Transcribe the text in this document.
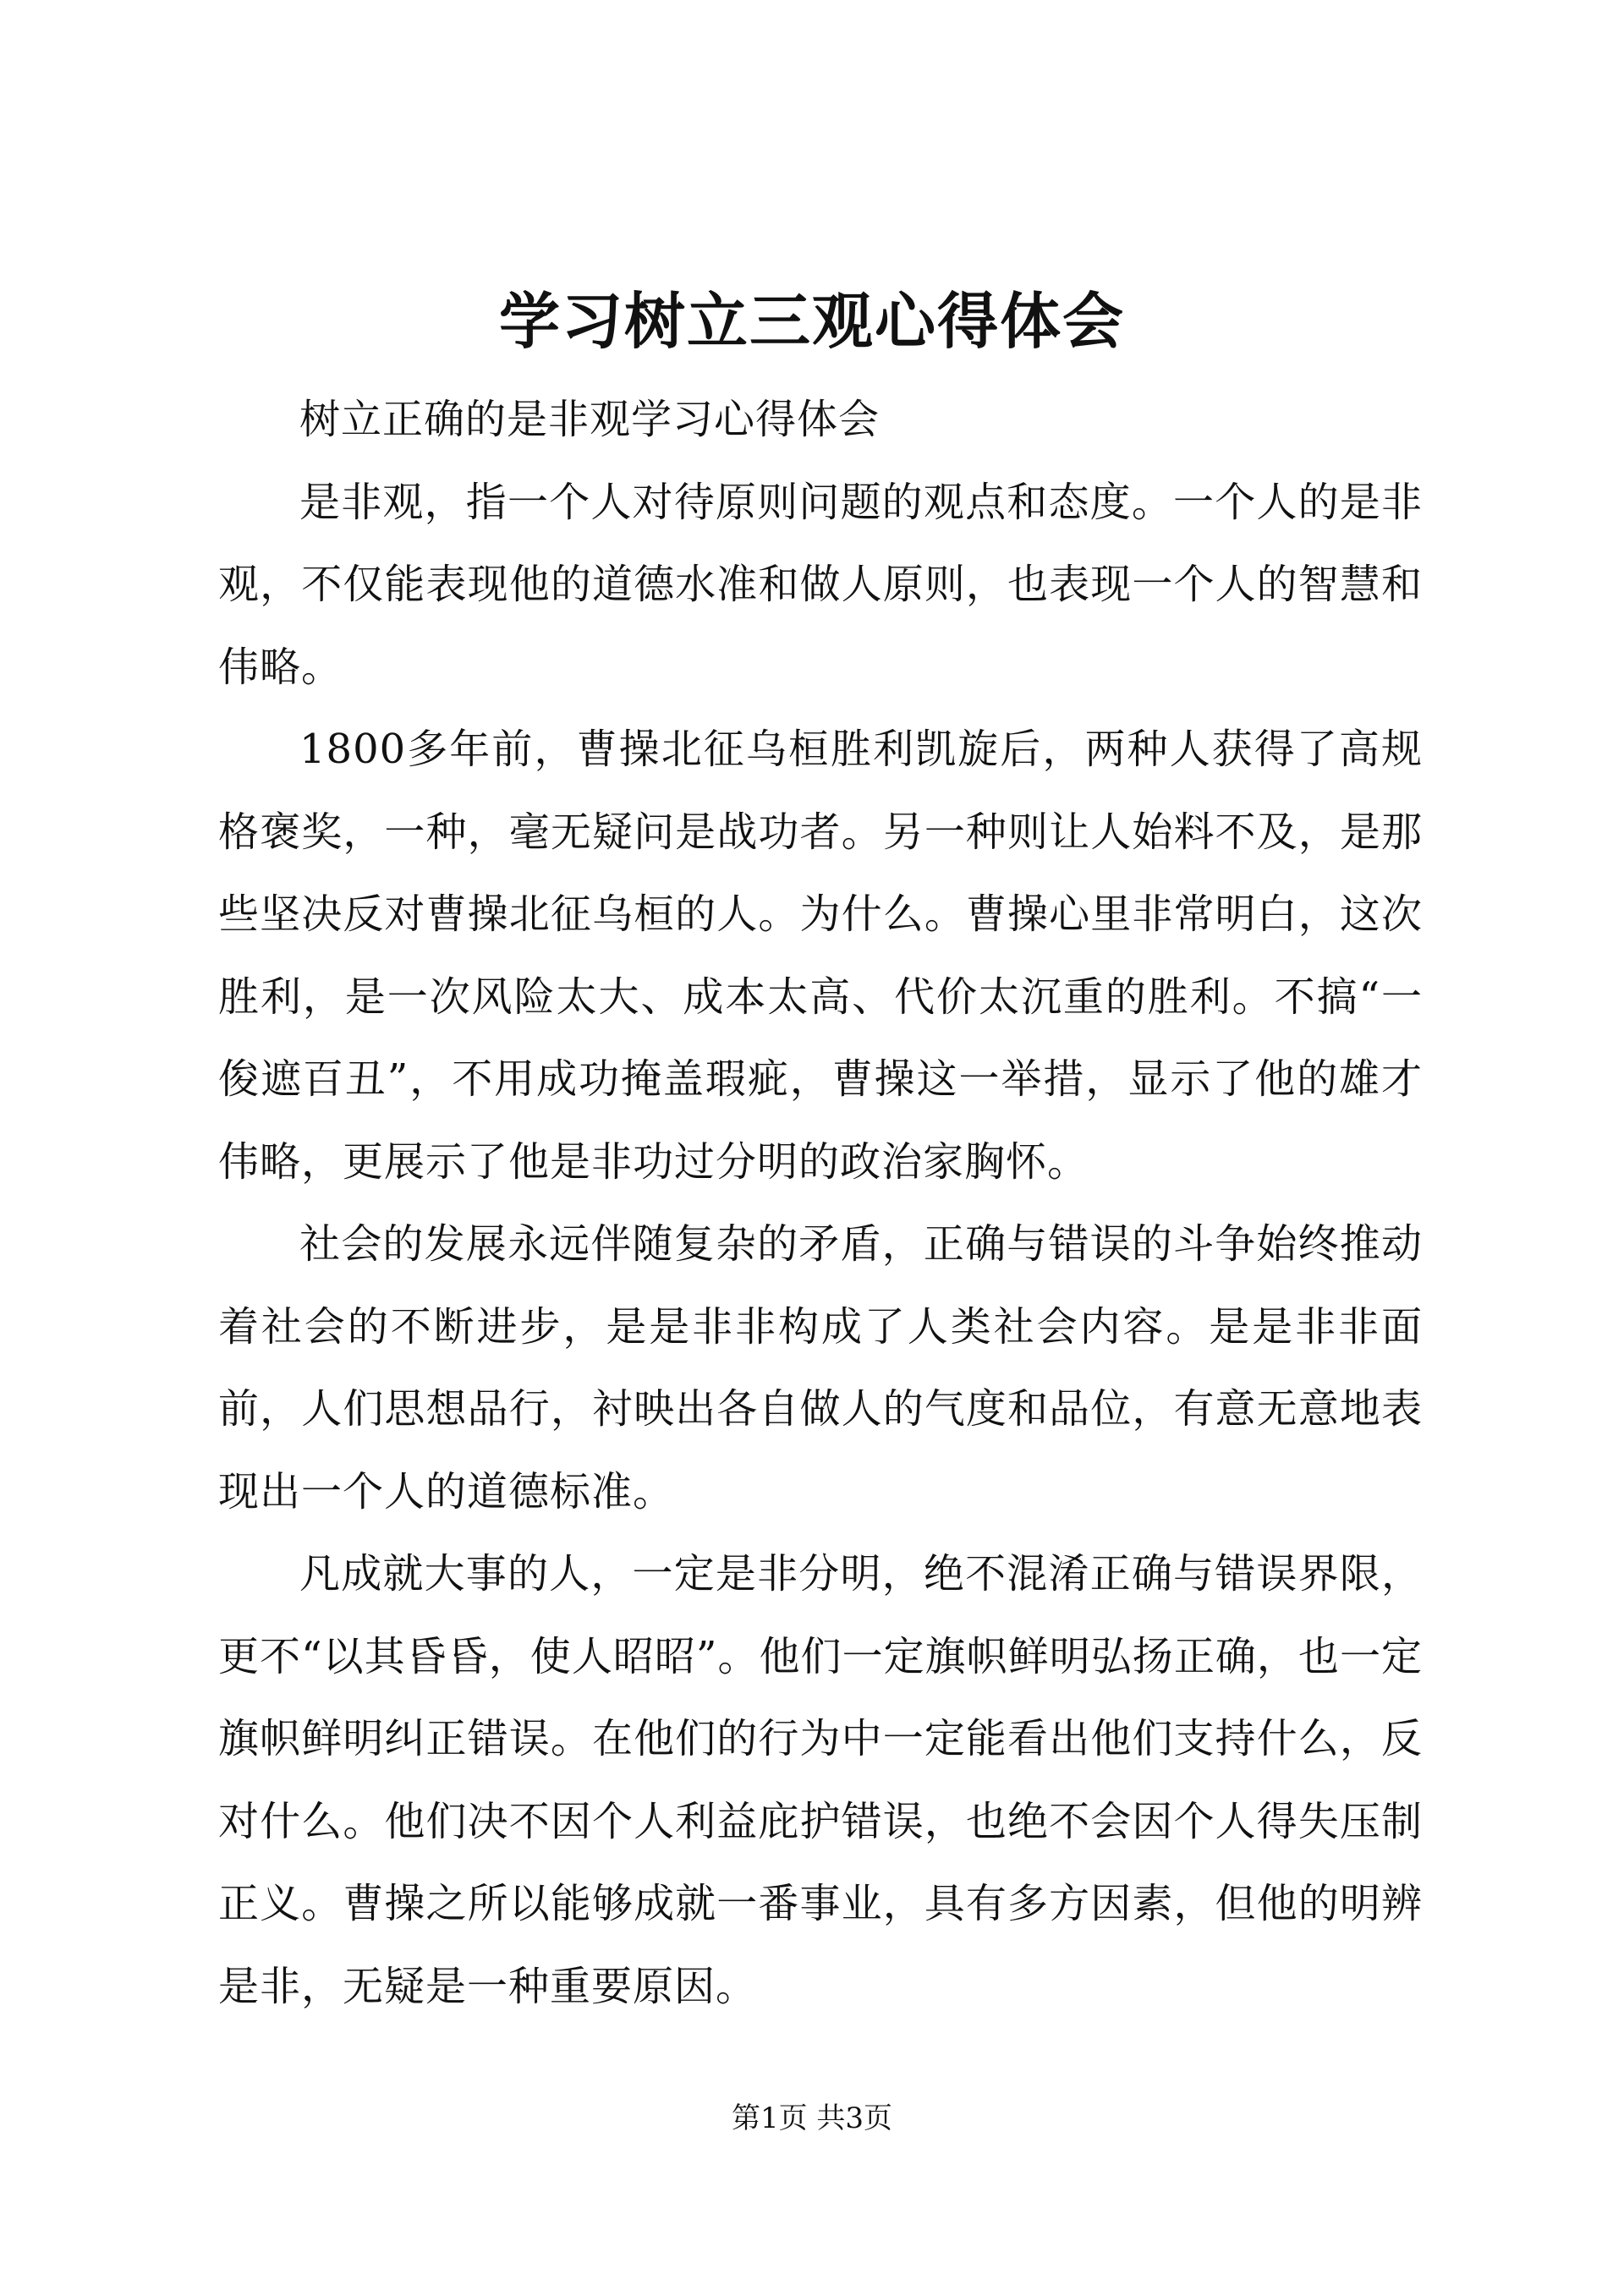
学习树立三观心得体会

树立正确的是非观学习心得体会

是非观，指一个人对待原则问题的观点和态度。一个人的是非观，不仅能表现他的道德水准和做人原则，也表现一个人的智慧和伟略。

1800多年前，曹操北征乌桓胜利凯旋后，两种人获得了高规格褒奖，一种，毫无疑问是战功者。另一种则让人始料不及，是那些坚决反对曹操北征乌桓的人。为什么。曹操心里非常明白，这次胜利，是一次风险太大、成本太高、代价太沉重的胜利。不搞“一俊遮百丑”，不用成功掩盖瑕疵，曹操这一举措，显示了他的雄才伟略，更展示了他是非功过分明的政治家胸怀。

社会的发展永远伴随复杂的矛盾，正确与错误的斗争始终推动着社会的不断进步，是是非非构成了人类社会内容。是是非非面前，人们思想品行，衬映出各自做人的气度和品位，有意无意地表现出一个人的道德标准。

凡成就大事的人，一定是非分明，绝不混淆正确与错误界限，更不“以其昏昏，使人昭昭”。他们一定旗帜鲜明弘扬正确，也一定旗帜鲜明纠正错误。在他们的行为中一定能看出他们支持什么，反对什么。他们决不因个人利益庇护错误，也绝不会因个人得失压制正义。曹操之所以能够成就一番事业，具有多方因素，但他的明辨是非，无疑是一种重要原因。

第1页 共3页
